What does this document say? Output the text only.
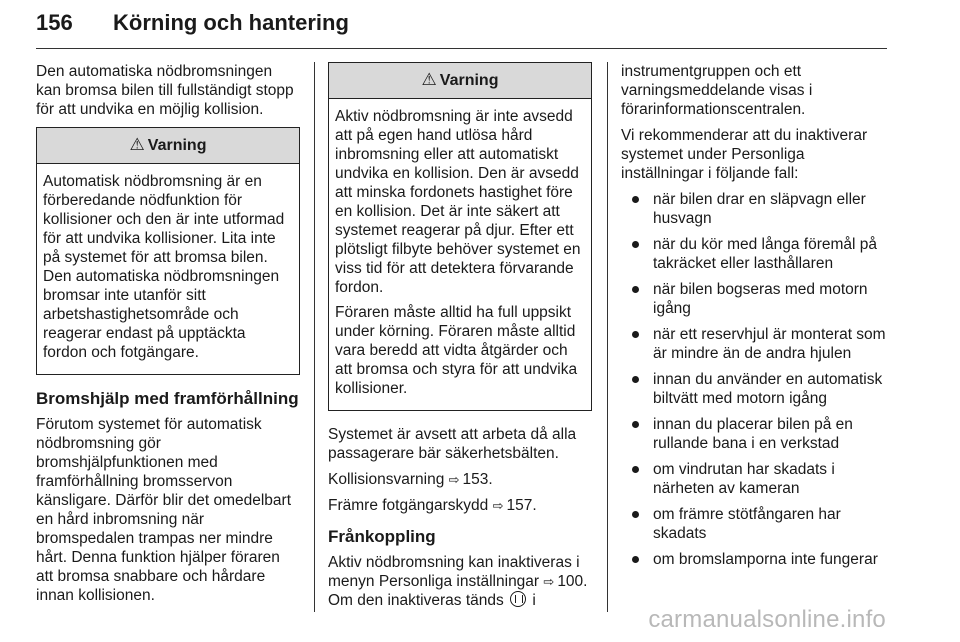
156 Körning och hantering

Den automatiska nödbromsningen kan bromsa bilen till fullständigt stopp för att undvika en möjlig kollision.

⚠ Varning

Automatisk nödbromsning är en förberedande nödfunktion för kollisioner och den är inte utformad för att undvika kollisioner. Lita inte på systemet för att bromsa bilen. Den automatiska nödbromsningen bromsar inte utanför sitt arbetshastighetsområde och reagerar endast på upptäckta fordon och fotgängare.

Bromshjälp med framförhållning

Förutom systemet för automatisk nödbromsning gör bromshjälpfunktionen med framförhållning bromsservon känsligare. Därför blir det omedelbart en hård inbromsning när bromspedalen trampas ner mindre hårt. Denna funktion hjälper föraren att bromsa snabbare och hårdare innan kollisionen.

⚠ Varning

Aktiv nödbromsning är inte avsedd att på egen hand utlösa hård inbromsning eller att automatiskt undvika en kollision. Den är avsedd att minska fordonets hastighet före en kollision. Det är inte säkert att systemet reagerar på djur. Efter ett plötsligt filbyte behöver systemet en viss tid för att detektera förvarande fordon.

Föraren måste alltid ha full uppsikt under körning. Föraren måste alltid vara beredd att vidta åtgärder och att bromsa och styra för att undvika kollisioner.

Systemet är avsett att arbeta då alla passagerare bär säkerhetsbälten.

Kollisionsvarning ⇨ 153.

Främre fotgängarskydd ⇨ 157.

Frånkoppling

Aktiv nödbromsning kan inaktiveras i menyn Personliga inställningar ⇨ 100. Om den inaktiveras tänds i

instrumentgruppen och ett varningsmeddelande visas i förarinformationscentralen.

Vi rekommenderar att du inaktiverar systemet under Personliga inställningar i följande fall:

när bilen drar en släpvagn eller husvagn
när du kör med långa föremål på takräcket eller lasthållaren
när bilen bogseras med motorn igång
när ett reservhjul är monterat som är mindre än de andra hjulen
innan du använder en automatisk biltvätt med motorn igång
innan du placerar bilen på en rullande bana i en verkstad
om vindrutan har skadats i närheten av kameran
om främre stötfångaren har skadats
om bromslamporna inte fungerar
carmanualsonline.info
